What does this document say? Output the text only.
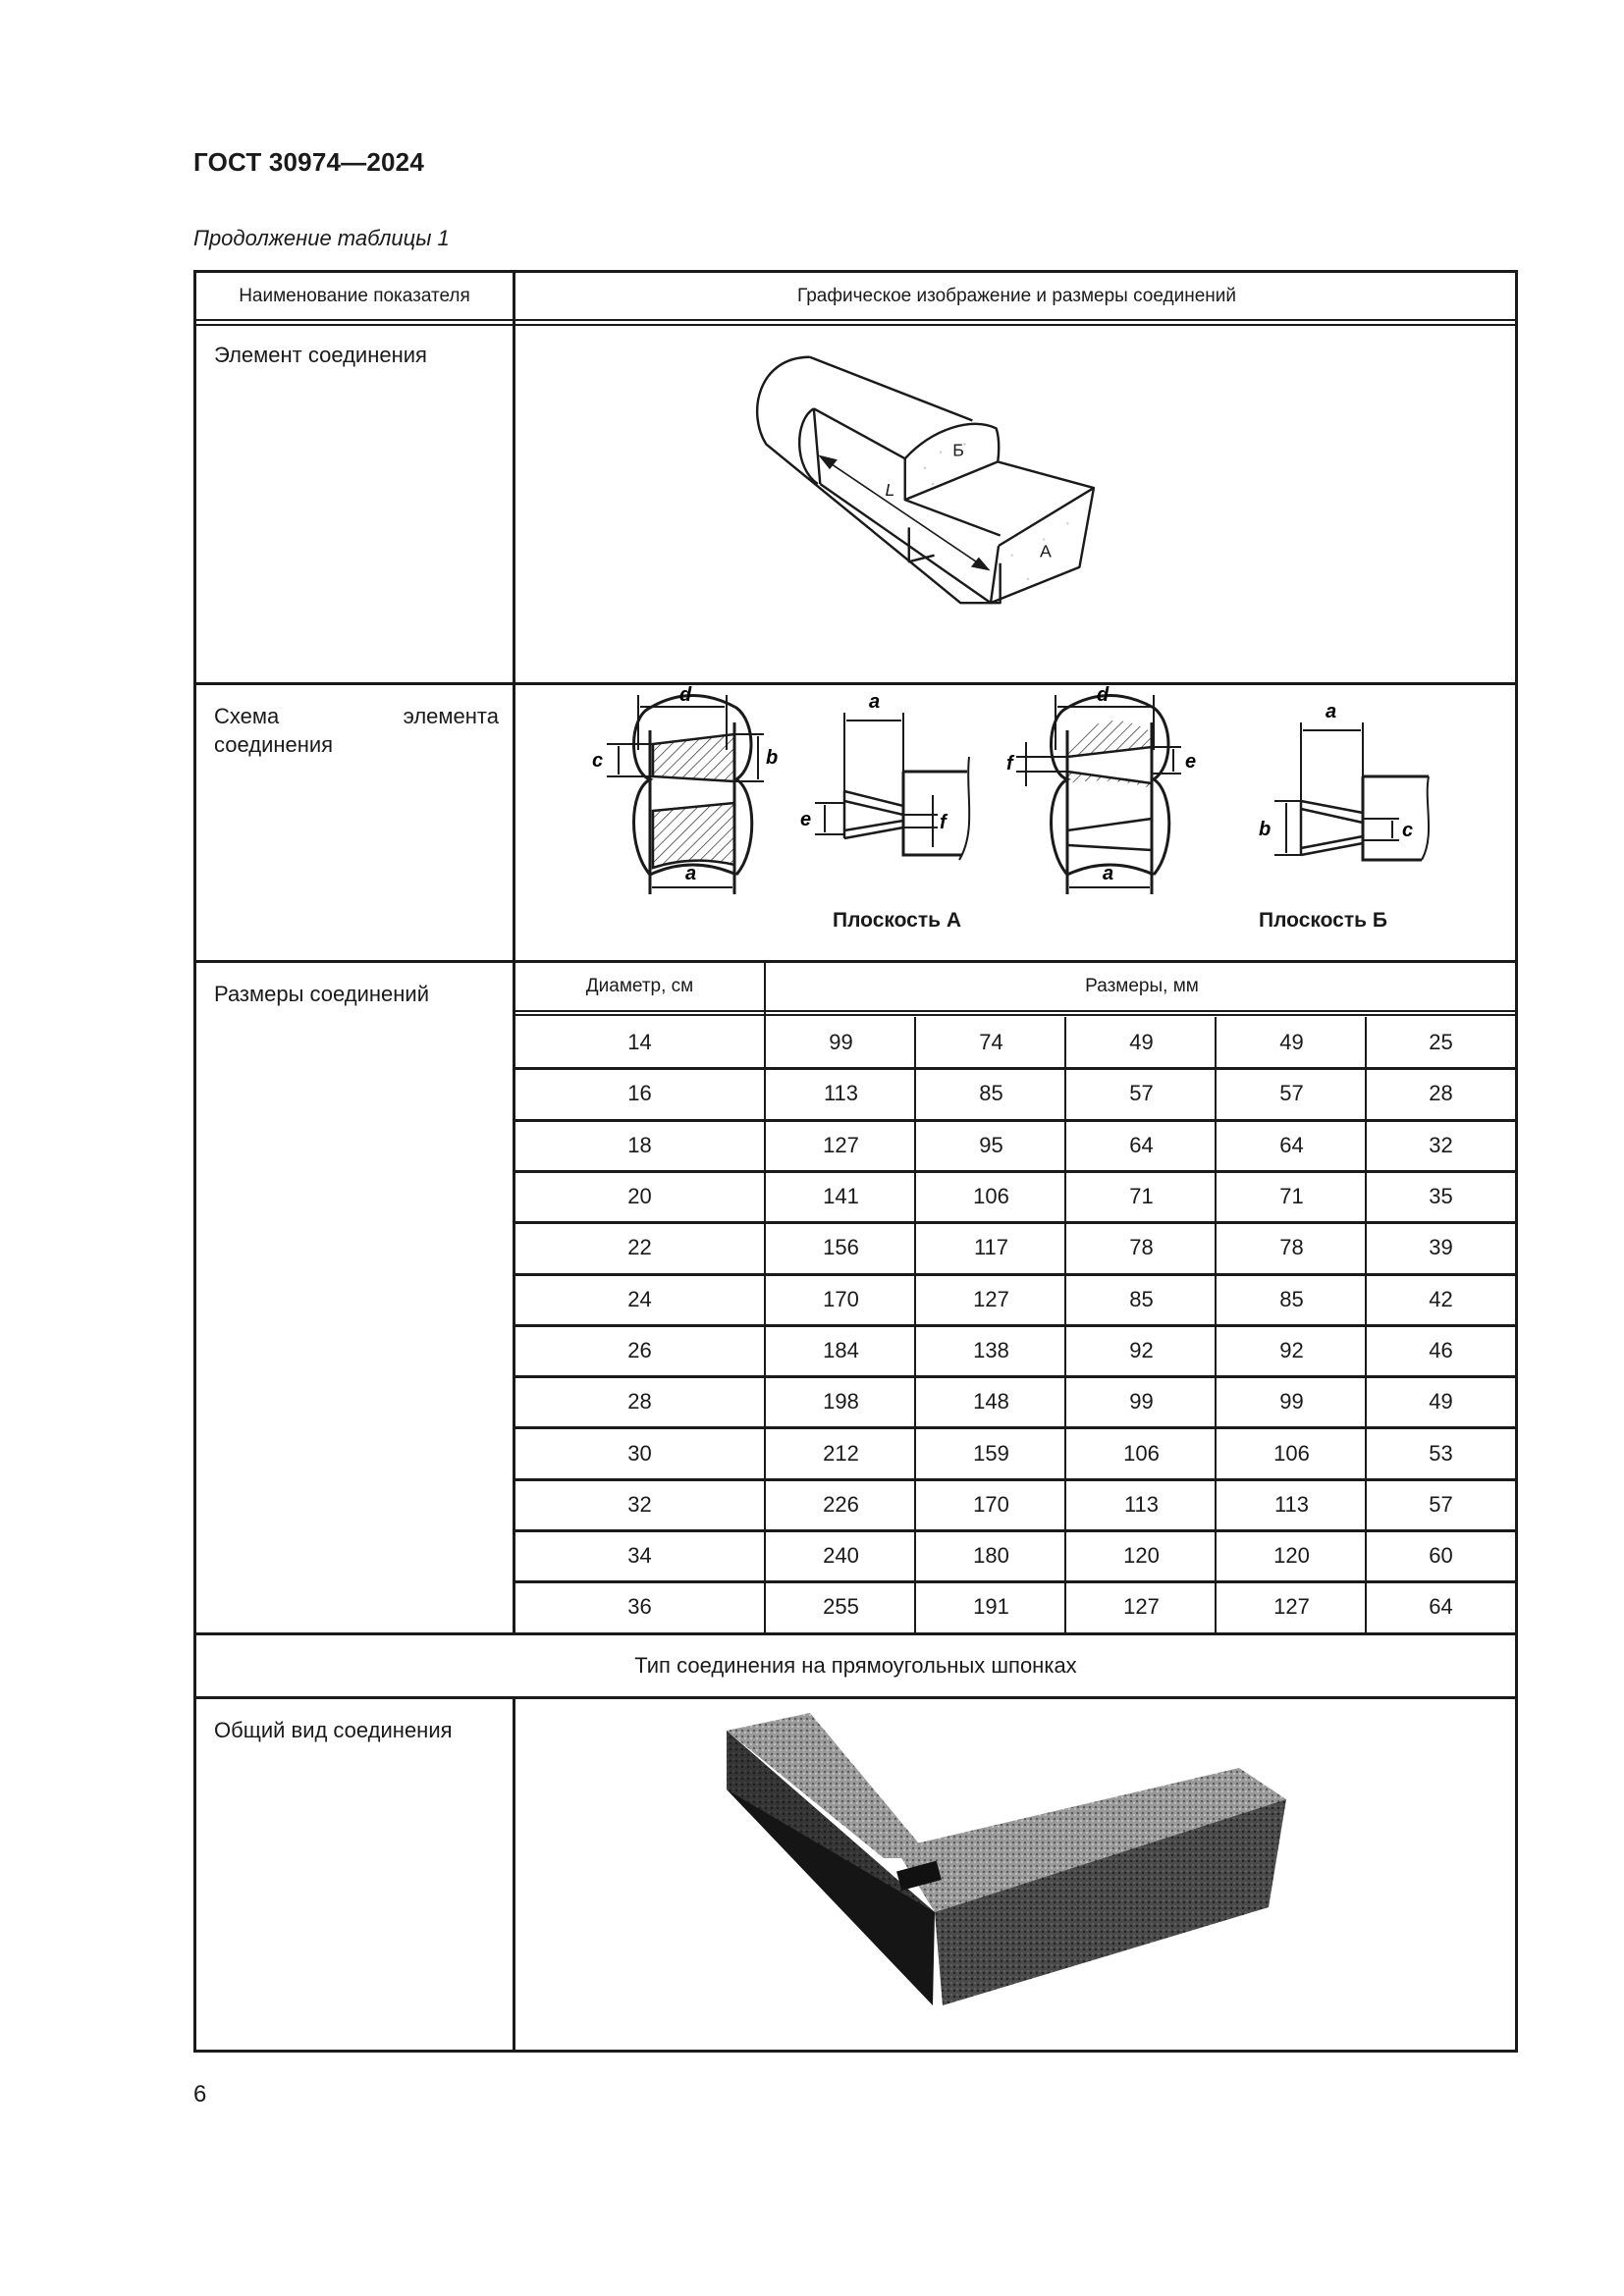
ГОСТ 30974—2024
Продолжение таблицы 1
Наименование показателя	Графическое изображение и размеры соединений
Элемент соединения
L
Б
А
Схема элемента соединения
d
c	b
a
a
e	f
Плоскость А
d
f	e
a
a
b	c
Плоскость Б
Размеры соединений	Диаметр, см	Размеры, мм
Тип соединения на прямоугольных шпонках
Общий вид соединения
14	99	74	49	49	25
16	113	85	57	57	28
18	127	95	64	64	32
20	141	106	71	71	35
22	156	117	78	78	39
24	170	127	85	85	42
26	184	138	92	92	46
28	198	148	99	99	49
30	212	159	106	106	53
32	226	170	113	113	57
34	240	180	120	120	60
36	255	191	127	127	64
6
